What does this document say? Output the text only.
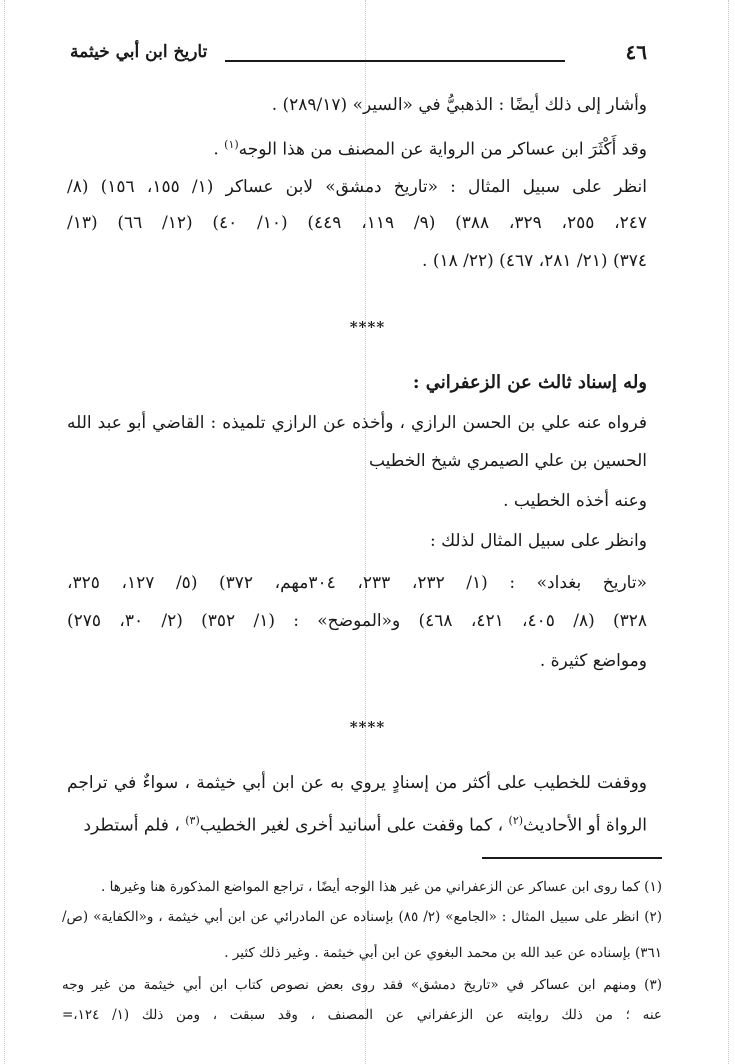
٤٦
تاريخ ابن أبي خيثمة
وأشار إلى ذلك أيضًا : الذهبيُّ في «السير» (٢٨٩/١٧) .
وقد أَكْثَرَ ابن عساكر من الرواية عن المصنف من هذا الوجه$^{(١)}$ .
انظر على سبيل المثال : «تاريخ دمشق» لابن عساكر (١/ ١٥٥، ١٥٦) (٨/
٢٤٧، ٢٥٥، ٣٢٩، ٣٨٨) (٩/ ١١٩، ٤٤٩) (١٠/ ٤٠) (١٢/ ٦٦) (١٣/
٣٧٤) (٢١/ ٢٨١، ٤٦٧) (٢٢/ ١٨) .
****
وله إسناد ثالث عن الزعفراني :
فرواه عنه علي بن الحسن الرازي ، وأخذه عن الرازي تلميذه : القاضي أبو عبد الله
الحسين بن علي الصيمري شيخ الخطيب
وعنه أخذه الخطيب .
وانظر على سبيل المثال لذلك :
«تاريخ بغداد» : (١/ ٢٣٢، ٢٣٣، ٣٠٤مهم، ٣٧٢) (٥/ ١٢٧، ٣٢٥،
٣٢٨) (٨/ ٤٠٥، ٤٢١، ٤٦٨) و«الموضح» : (١/ ٣٥٢) (٢/ ٣٠، ٢٧٥)
ومواضع كثيرة .
****
ووقفت للخطيب على أكثر من إسنادٍ يروي به عن ابن أبي خيثمة ، سواءٌ في تراجم
الرواة أو الأحاديث$^{(٢)}$ ، كما وقفت على أسانيد أخرى لغير الخطيب$^{(٣)}$ ، فلم أستطرد
(١) كما روى ابن عساكر عن الزعفراني من غير هذا الوجه أيضًا ، تراجع المواضع المذكورة هنا وغيرها .
(٢) انظر على سبيل المثال : «الجامع» (٢/ ٨٥) بإسناده عن المادرائي عن ابن أبي خيثمة ، و«الكفاية» (ص/
٣٦١) بإسناده عن عبد الله بن محمد البغوي عن ابن أبي خيثمة . وغير ذلك كثير .
(٣) ومنهم ابن عساكر في «تاريخ دمشق» فقد روى بعض نصوص كتاب ابن أبي خيثمة من غير وجه
عنه ؛ من ذلك روايته عن الزعفراني عن المصنف ، وقد سبقت ، ومن ذلك (١/ ١٢٤،=
